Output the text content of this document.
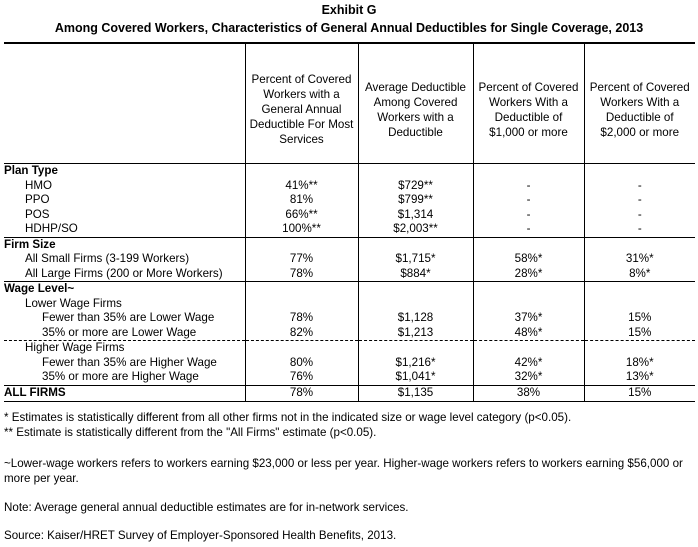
Exhibit G
Among Covered Workers, Characteristics of General Annual Deductibles for Single Coverage, 2013

	Percent of Covered Workers with a General Annual Deductible For Most Services	Average Deductible Among Covered Workers with a Deductible	Percent of Covered Workers With a Deductible of $1,000 or more	Percent of Covered Workers With a Deductible of $2,000 or more
Plan Type				
HMO	41%**	$729**	-	-
PPO	81%	$799**	-	-
POS	66%**	$1,314	-	-
HDHP/SO	100%**	$2,003**	-	-
Firm Size				
All Small Firms (3-199 Workers)	77%	$1,715*	58%*	31%*
All Large Firms (200 or More Workers)	78%	$884*	28%*	8%*
Wage Level~				
Lower Wage Firms				
Fewer than 35% are Lower Wage	78%	$1,128	37%*	15%
35% or more are Lower Wage	82%	$1,213	48%*	15%
Higher Wage Firms				
Fewer than 35% are Higher Wage	80%	$1,216*	42%*	18%*
35% or more are Higher Wage	76%	$1,041*	32%*	13%*
ALL FIRMS	78%	$1,135	38%	15%
* Estimates is statistically different from all other firms not in the indicated size or wage level category (p<0.05).
** Estimate is statistically different from the "All Firms" estimate (p<0.05).
~Lower-wage workers refers to workers earning $23,000 or less per year. Higher-wage workers refers to workers earning $56,000 or more per year.
Note: Average general annual deductible estimates are for in-network services.
Source: Kaiser/HRET Survey of Employer-Sponsored Health Benefits, 2013.
